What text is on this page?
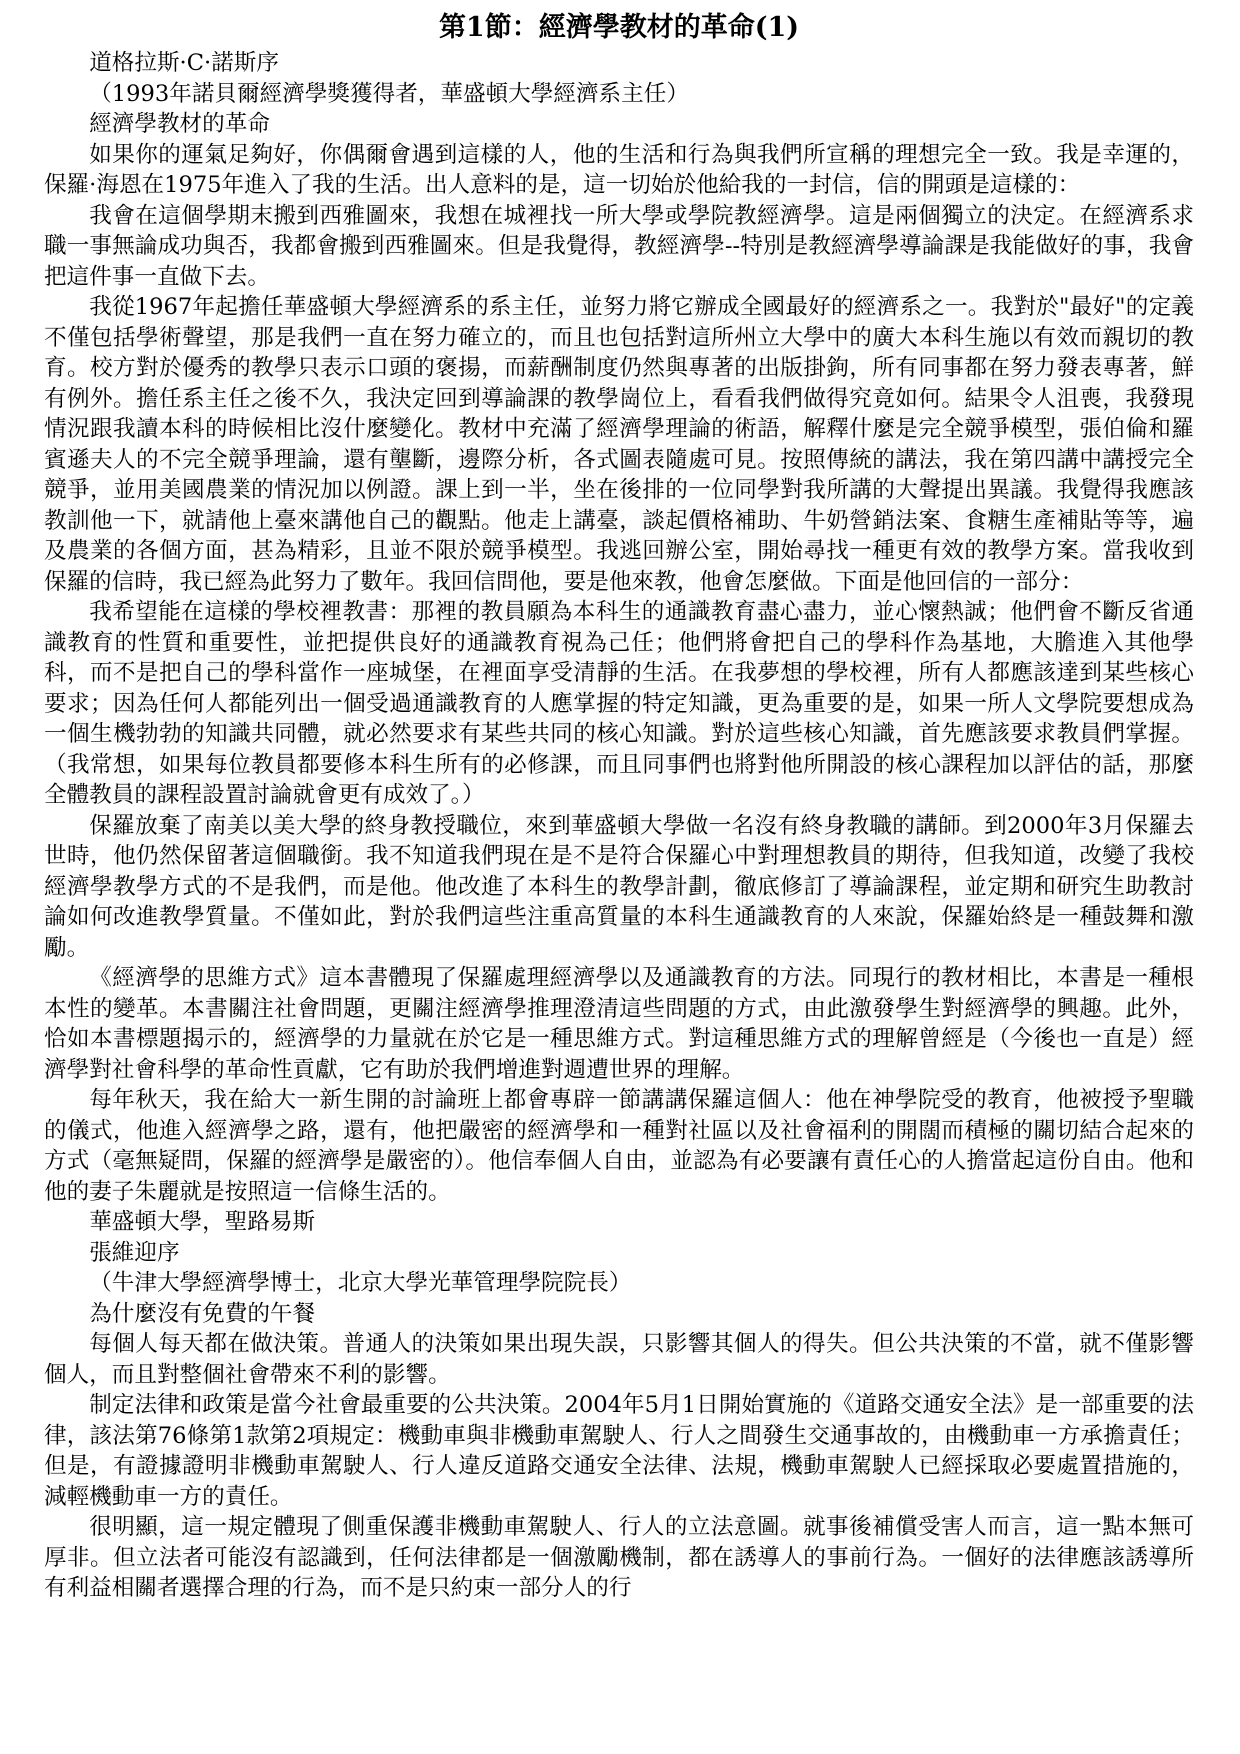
第1節：經濟學教材的革命(1)

道格拉斯·C·諾斯序

（1993年諾貝爾經濟學獎獲得者，華盛頓大學經濟系主任）

經濟學教材的革命

如果你的運氣足夠好，你偶爾會遇到這樣的人，他的生活和行為與我們所宣稱的理想完全一致。我是幸運的，保羅·海恩在1975年進入了我的生活。出人意料的是，這一切始於他給我的一封信，信的開頭是這樣的：

我會在這個學期末搬到西雅圖來，我想在城裡找一所大學或學院教經濟學。這是兩個獨立的決定。在經濟系求職一事無論成功與否，我都會搬到西雅圖來。但是我覺得，教經濟學--特別是教經濟學導論課是我能做好的事，我會把這件事一直做下去。

我從1967年起擔任華盛頓大學經濟系的系主任，並努力將它辦成全國最好的經濟系之一。我對於"最好"的定義不僅包括學術聲望，那是我們一直在努力確立的，而且也包括對這所州立大學中的廣大本科生施以有效而親切的教育。校方對於優秀的教學只表示口頭的褒揚，而薪酬制度仍然與專著的出版掛鉤，所有同事都在努力發表專著，鮮有例外。擔任系主任之後不久，我決定回到導論課的教學崗位上，看看我們做得究竟如何。結果令人沮喪，我發現情況跟我讀本科的時候相比沒什麼變化。教材中充滿了經濟學理論的術語，解釋什麼是完全競爭模型，張伯倫和羅賓遜夫人的不完全競爭理論，還有壟斷，邊際分析，各式圖表隨處可見。按照傳統的講法，我在第四講中講授完全競爭，並用美國農業的情況加以例證。課上到一半，坐在後排的一位同學對我所講的大聲提出異議。我覺得我應該教訓他一下，就請他上臺來講他自己的觀點。他走上講臺，談起價格補助、牛奶營銷法案、食糖生產補貼等等，遍及農業的各個方面，甚為精彩，且並不限於競爭模型。我逃回辦公室，開始尋找一種更有效的教學方案。當我收到保羅的信時，我已經為此努力了數年。我回信問他，要是他來教，他會怎麼做。下面是他回信的一部分：

我希望能在這樣的學校裡教書：那裡的教員願為本科生的通識教育盡心盡力，並心懷熱誠；他們會不斷反省通識教育的性質和重要性，並把提供良好的通識教育視為己任；他們將會把自己的學科作為基地，大膽進入其他學科，而不是把自己的學科當作一座城堡，在裡面享受清靜的生活。在我夢想的學校裡，所有人都應該達到某些核心要求；因為任何人都能列出一個受過通識教育的人應掌握的特定知識，更為重要的是，如果一所人文學院要想成為一個生機勃勃的知識共同體，就必然要求有某些共同的核心知識。對於這些核心知識，首先應該要求教員們掌握。（我常想，如果每位教員都要修本科生所有的必修課，而且同事們也將對他所開設的核心課程加以評估的話，那麼全體教員的課程設置討論就會更有成效了。）

保羅放棄了南美以美大學的終身教授職位，來到華盛頓大學做一名沒有終身教職的講師。到2000年3月保羅去世時，他仍然保留著這個職銜。我不知道我們現在是不是符合保羅心中對理想教員的期待，但我知道，改變了我校經濟學教學方式的不是我們，而是他。他改進了本科生的教學計劃，徹底修訂了導論課程，並定期和研究生助教討論如何改進教學質量。不僅如此，對於我們這些注重高質量的本科生通識教育的人來說，保羅始終是一種鼓舞和激勵。

《經濟學的思維方式》這本書體現了保羅處理經濟學以及通識教育的方法。同現行的教材相比，本書是一種根本性的變革。本書關注社會問題，更關注經濟學推理澄清這些問題的方式，由此激發學生對經濟學的興趣。此外，恰如本書標題揭示的，經濟學的力量就在於它是一種思維方式。對這種思維方式的理解曾經是（今後也一直是）經濟學對社會科學的革命性貢獻，它有助於我們增進對週遭世界的理解。

每年秋天，我在給大一新生開的討論班上都會專辟一節講講保羅這個人：他在神學院受的教育，他被授予聖職的儀式，他進入經濟學之路，還有，他把嚴密的經濟學和一種對社區以及社會福利的開闊而積極的關切結合起來的方式（毫無疑問，保羅的經濟學是嚴密的）。他信奉個人自由，並認為有必要讓有責任心的人擔當起這份自由。他和他的妻子朱麗就是按照這一信條生活的。

華盛頓大學，聖路易斯

張維迎序

（牛津大學經濟學博士，北京大學光華管理學院院長）

為什麼沒有免費的午餐

每個人每天都在做決策。普通人的決策如果出現失誤，只影響其個人的得失。但公共決策的不當，就不僅影響個人，而且對整個社會帶來不利的影響。

制定法律和政策是當今社會最重要的公共決策。2004年5月1日開始實施的《道路交通安全法》是一部重要的法律，該法第76條第1款第2項規定：機動車與非機動車駕駛人、行人之間發生交通事故的，由機動車一方承擔責任；但是，有證據證明非機動車駕駛人、行人違反道路交通安全法律、法規，機動車駕駛人已經採取必要處置措施的，減輕機動車一方的責任。

很明顯，這一規定體現了側重保護非機動車駕駛人、行人的立法意圖。就事後補償受害人而言，這一點本無可厚非。但立法者可能沒有認識到，任何法律都是一個激勵機制，都在誘導人的事前行為。一個好的法律應該誘導所有利益相關者選擇合理的行為，而不是只約束一部分人的行
